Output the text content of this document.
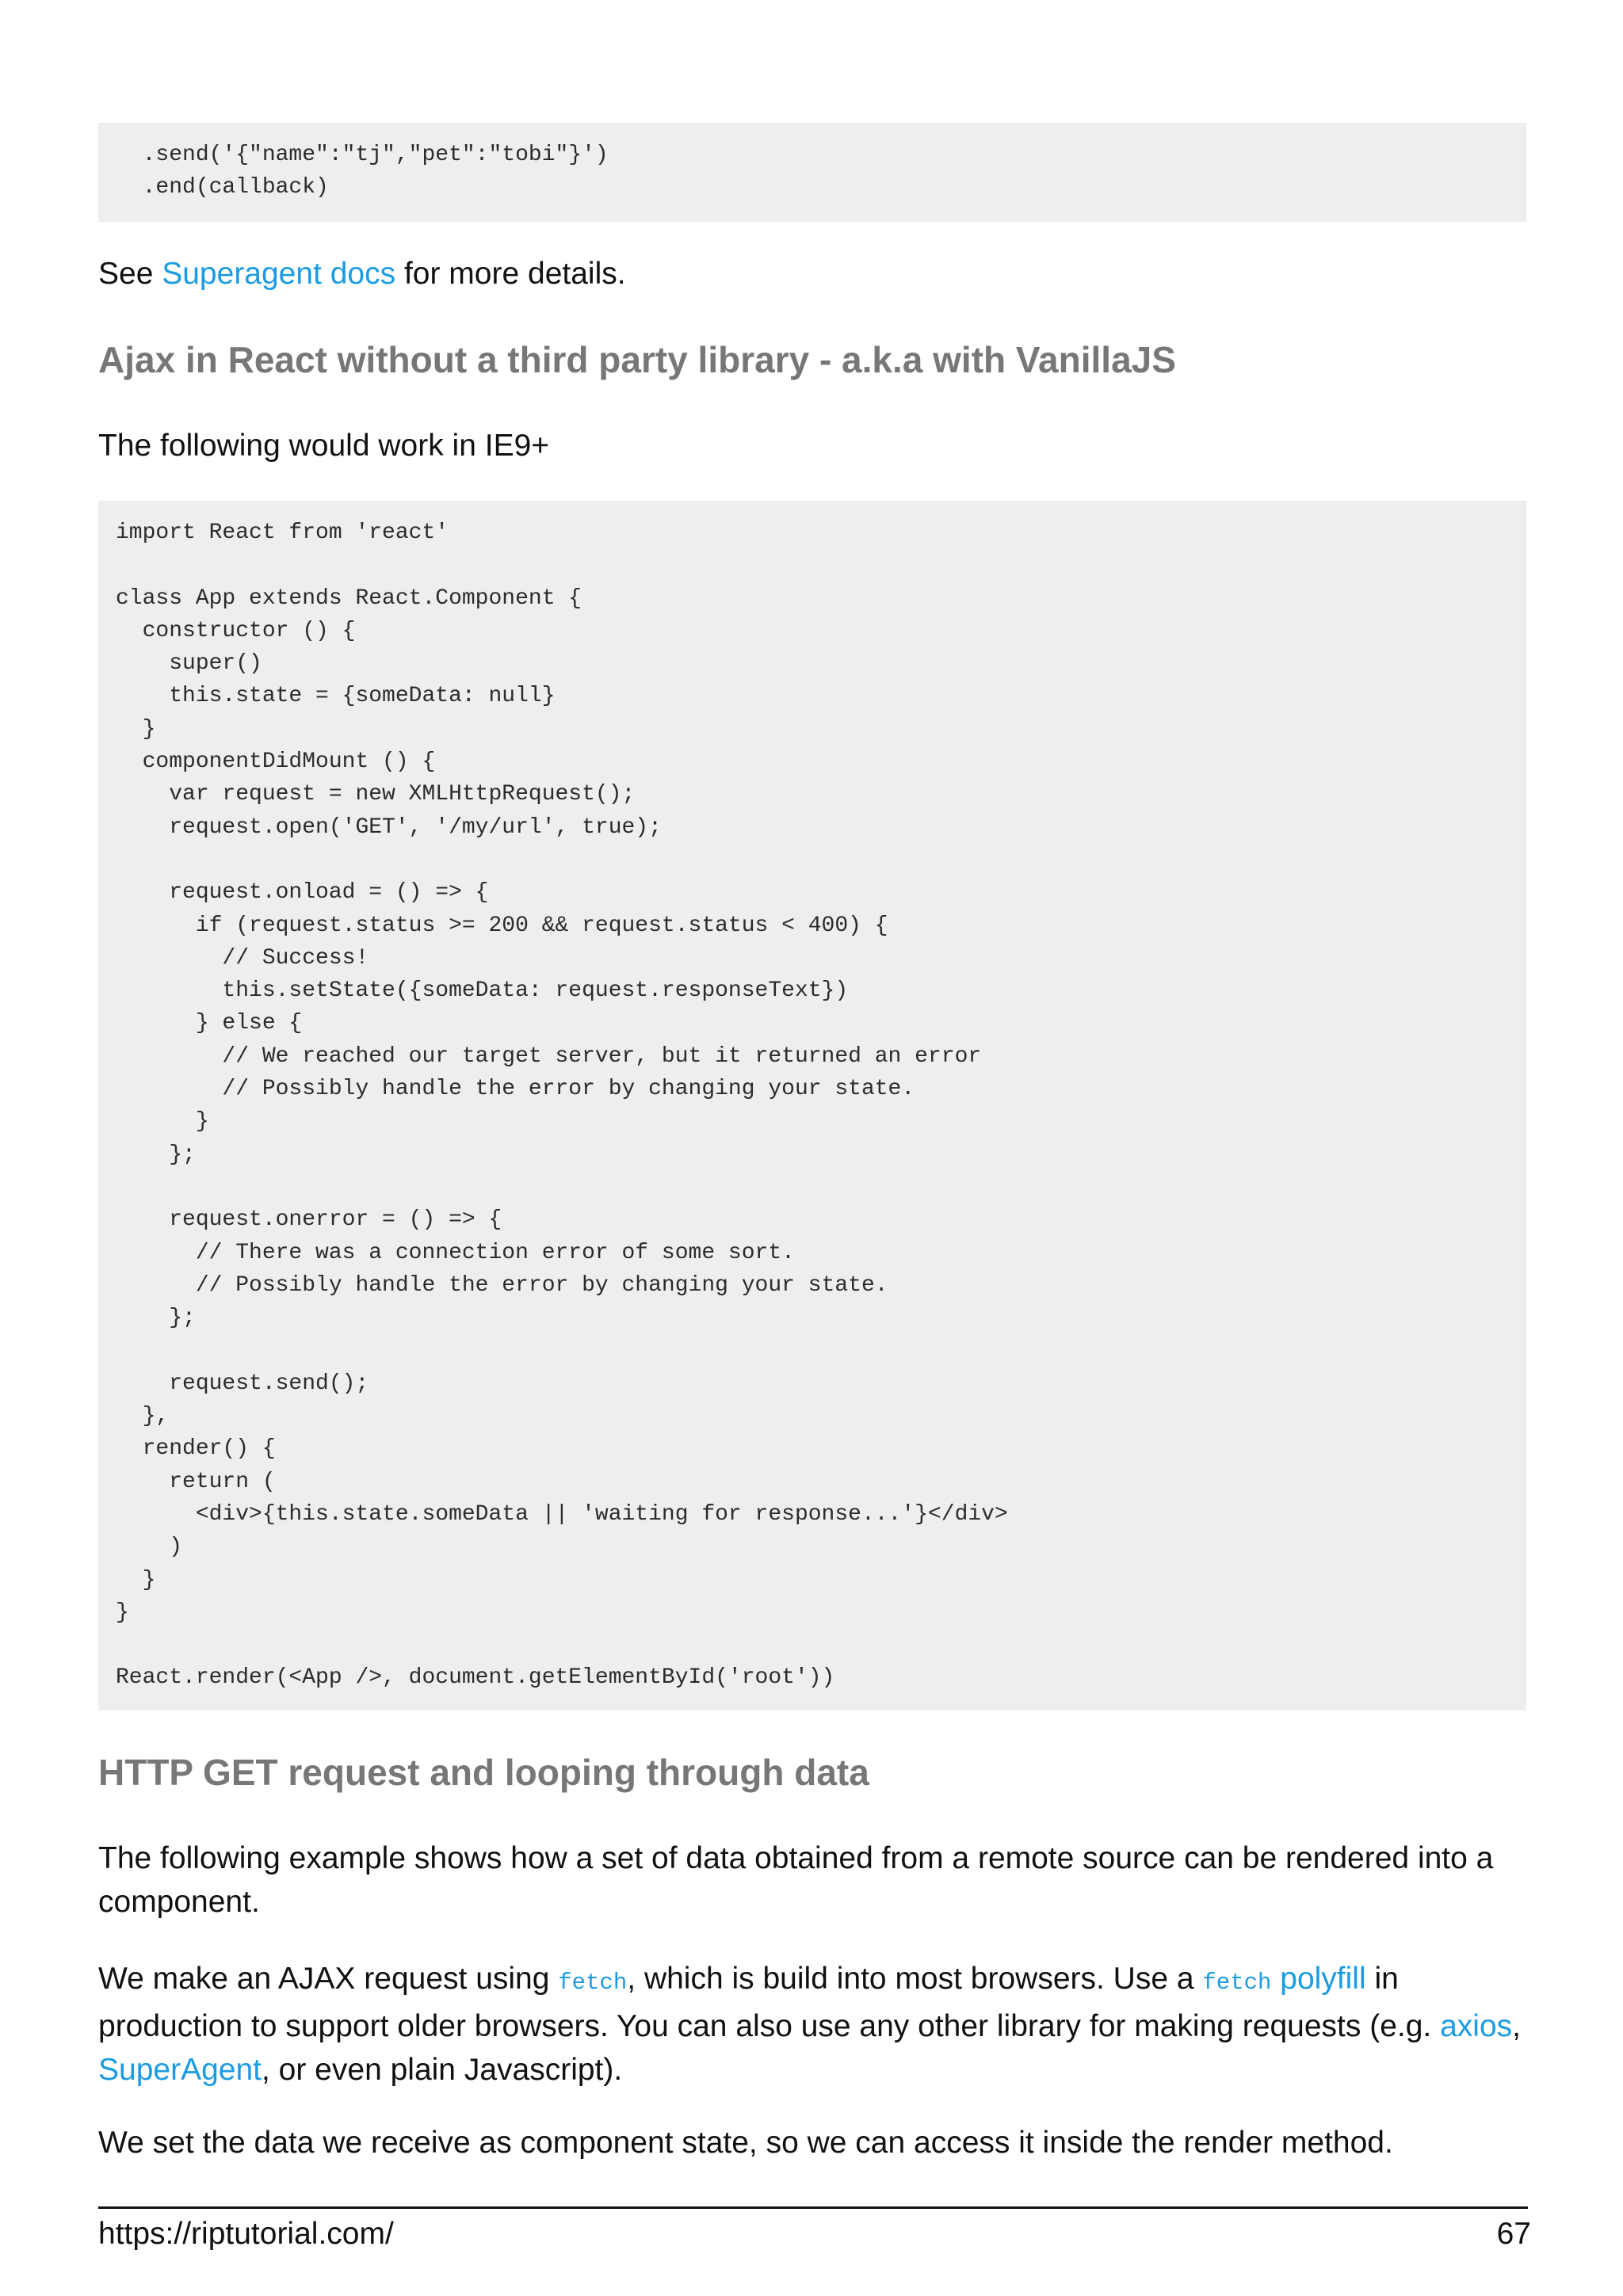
.send('{"name":"tj","pet":"tobi"}')
.end(callback)

See Superagent docs for more details.

Ajax in React without a third party library - a.k.a with VanillaJS

The following would work in IE9+

import React from 'react'
class App extends React.Component {
constructor () {
super()
this.state = {someData: null}
}
componentDidMount () {
var request = new XMLHttpRequest();
request.open('GET', '/my/url', true);
request.onload = () => {
if (request.status >= 200 && request.status < 400) {
// Success!
this.setState({someData: request.responseText})
} else {
// We reached our target server, but it returned an error
// Possibly handle the error by changing your state.
}
};
request.onerror = () => {
// There was a connection error of some sort.
// Possibly handle the error by changing your state.
};
request.send();
},
render() {
return (
<div>{this.state.someData || 'waiting for response...'}</div>
)
}
}
React.render(<App />, document.getElementById('root'))
HTTP GET request and looping through data

The following example shows how a set of data obtained from a remote source can be rendered into a component.

We make an AJAX request using fetch, which is build into most browsers. Use a fetch polyfill in production to support older browsers. You can also use any other library for making requests (e.g. axios, SuperAgent, or even plain Javascript).

We set the data we receive as component state, so we can access it inside the render method.

https://riptutorial.com/	67
